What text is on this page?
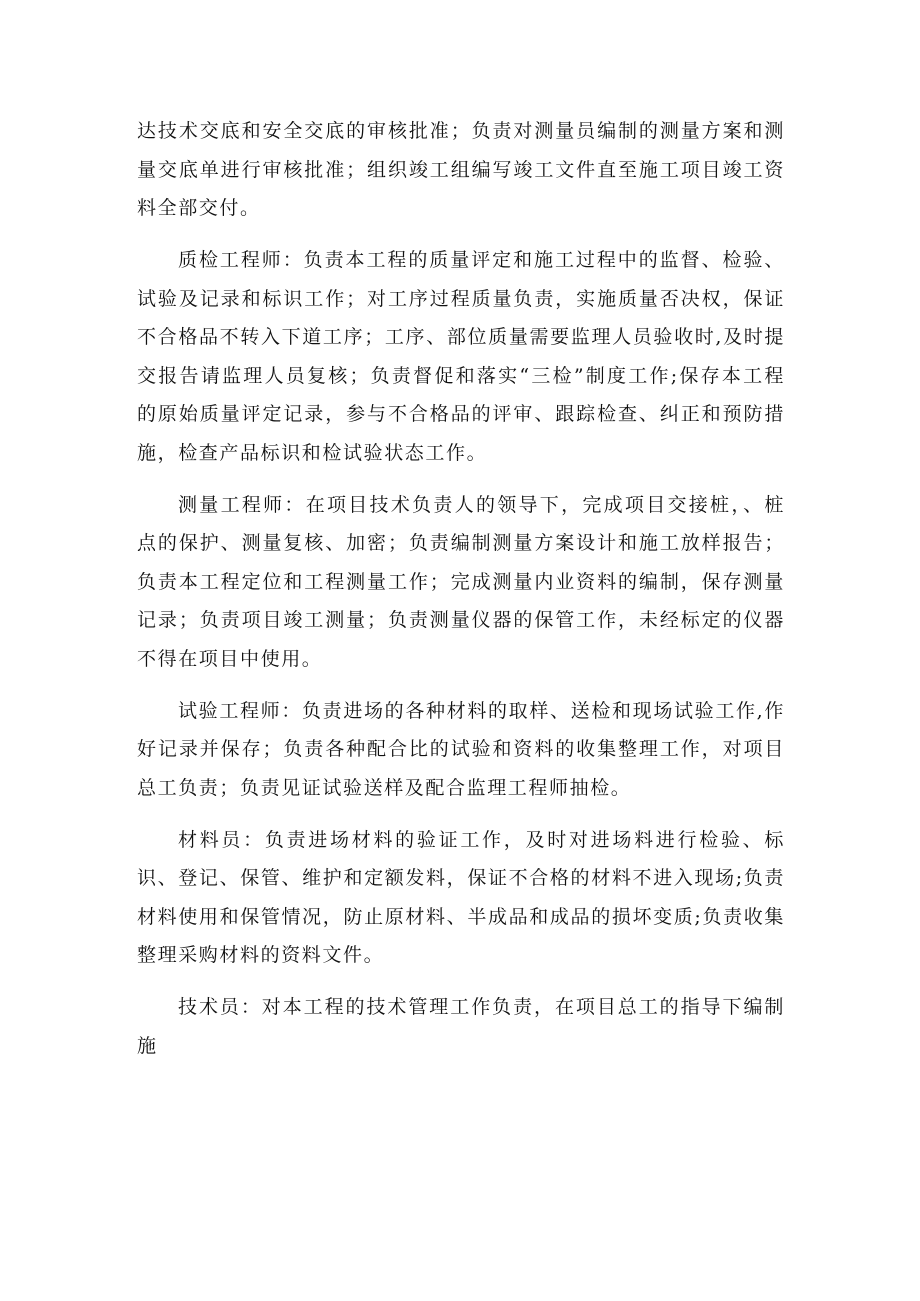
达技术交底和安全交底的审核批准；负责对测量员编制的测量方案和测量交底单进行审核批准；组织竣工组编写竣工文件直至施工项目竣工资料全部交付。

质检工程师：负责本工程的质量评定和施工过程中的监督、检验、试验及记录和标识工作；对工序过程质量负责，实施质量否决权，保证不合格品不转入下道工序；工序、部位质量需要监理人员验收时,及时提交报告请监理人员复核；负责督促和落实“三检”制度工作;保存本工程的原始质量评定记录，参与不合格品的评审、跟踪检查、纠正和预防措施，检查产品标识和检试验状态工作。

测量工程师：在项目技术负责人的领导下，完成项目交接桩，、桩点的保护、测量复核、加密；负责编制测量方案设计和施工放样报告；负责本工程定位和工程测量工作；完成测量内业资料的编制，保存测量记录；负责项目竣工测量；负责测量仪器的保管工作，未经标定的仪器不得在项目中使用。

试验工程师：负责进场的各种材料的取样、送检和现场试验工作,作好记录并保存；负责各种配合比的试验和资料的收集整理工作，对项目总工负责；负责见证试验送样及配合监理工程师抽检。

材料员：负责进场材料的验证工作，及时对进场料进行检验、标识、登记、保管、维护和定额发料，保证不合格的材料不进入现场;负责材料使用和保管情况，防止原材料、半成品和成品的损坏变质;负责收集整理采购材料的资料文件。

技术员：对本工程的技术管理工作负责，在项目总工的指导下编制施
